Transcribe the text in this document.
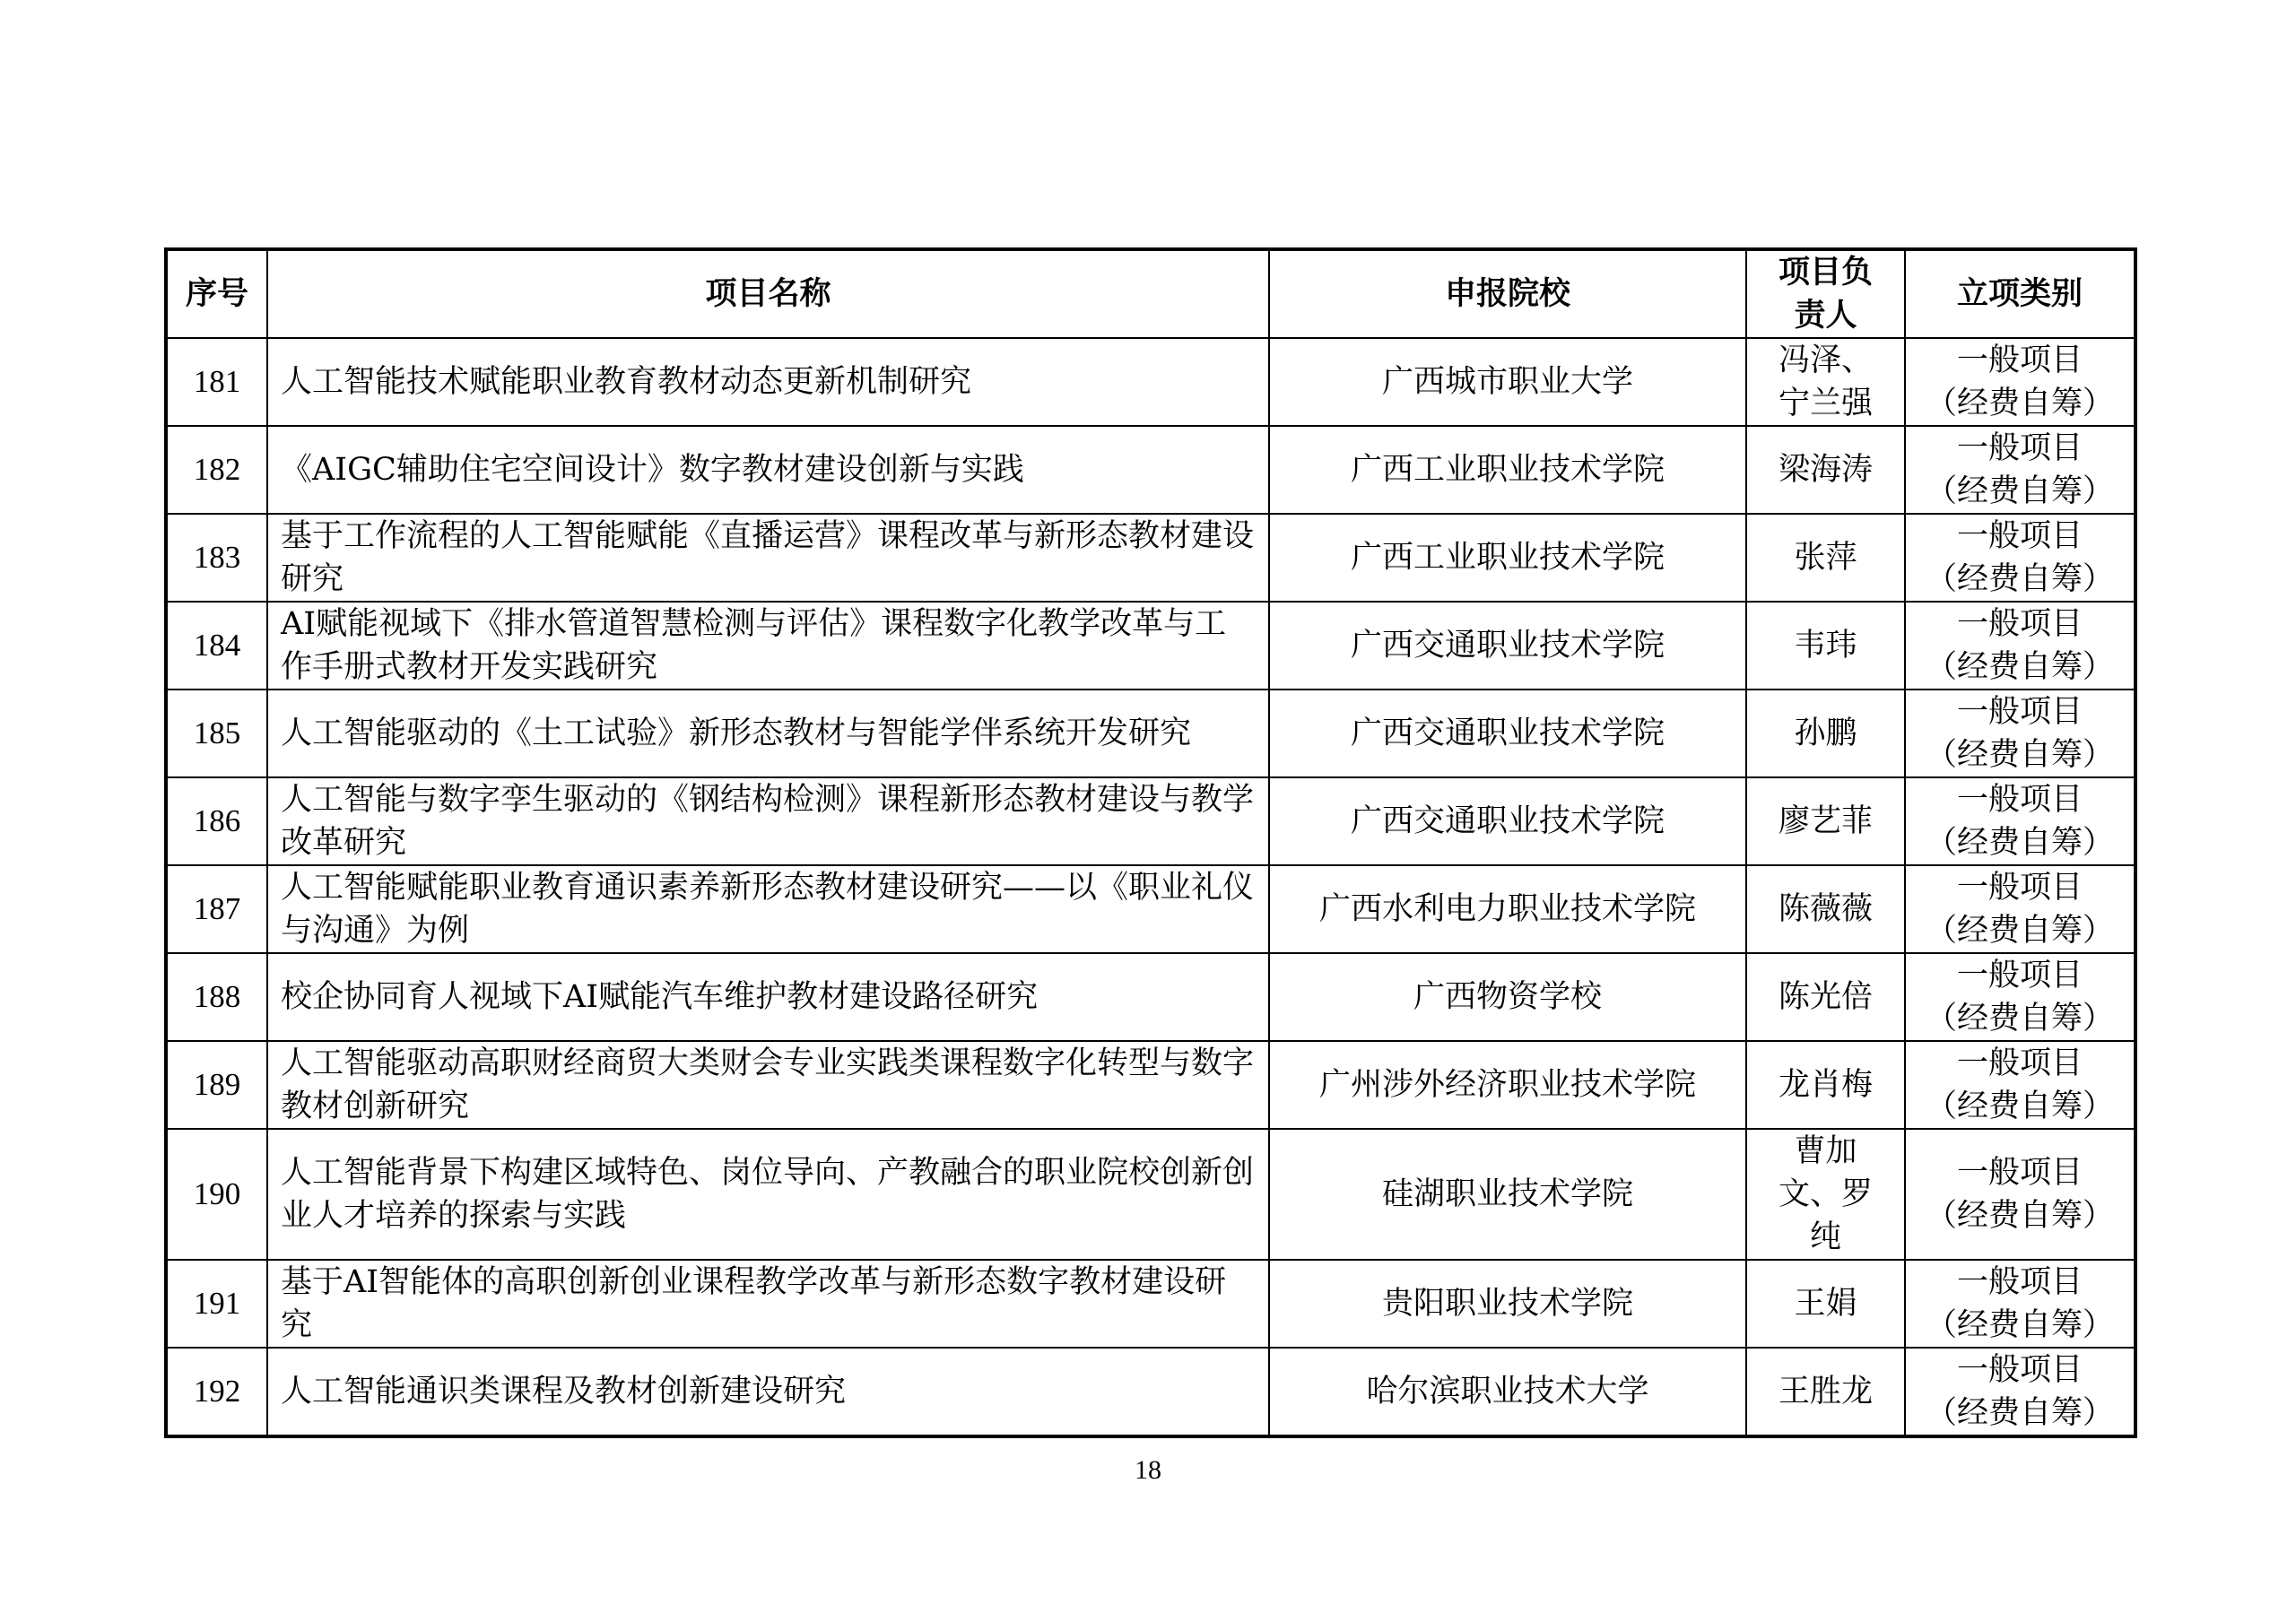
序号	项目名称	申报院校	项目负责人	立项类别
181	人工智能技术赋能职业教育教材动态更新机制研究	广西城市职业大学	冯泽、宁兰强	一般项目
（经费自筹）

182	《AIGC辅助住宅空间设计》数字教材建设创新与实践	广西工业职业技术学院	梁海涛	一般项目
（经费自筹）

183	基于工作流程的人工智能赋能《直播运营》课程改革与新形态教材建设研究	广西工业职业技术学院	张萍	一般项目
（经费自筹）

184	AI赋能视域下《排水管道智慧检测与评估》课程数字化教学改革与工作手册式教材开发实践研究	广西交通职业技术学院	韦玮	一般项目
（经费自筹）

185	人工智能驱动的《土工试验》新形态教材与智能学伴系统开发研究	广西交通职业技术学院	孙鹏	一般项目
（经费自筹）

186	人工智能与数字孪生驱动的《钢结构检测》课程新形态教材建设与教学改革研究	广西交通职业技术学院	廖艺菲	一般项目
（经费自筹）

187	人工智能赋能职业教育通识素养新形态教材建设研究——以《职业礼仪与沟通》为例	广西水利电力职业技术学院	陈薇薇	一般项目
（经费自筹）

188	校企协同育人视域下AI赋能汽车维护教材建设路径研究	广西物资学校	陈光倍	一般项目
（经费自筹）

189	人工智能驱动高职财经商贸大类财会专业实践类课程数字化转型与数字教材创新研究	广州涉外经济职业技术学院	龙肖梅	一般项目
（经费自筹）

190	人工智能背景下构建区域特色、岗位导向、产教融合的职业院校创新创业人才培养的探索与实践	硅湖职业技术学院	曹加文、罗纯	一般项目
（经费自筹）

191	基于AI智能体的高职创新创业课程教学改革与新形态数字教材建设研究	贵阳职业技术学院	王娟	一般项目
（经费自筹）

192	人工智能通识类课程及教材创新建设研究	哈尔滨职业技术大学	王胜龙	一般项目
（经费自筹）
18
